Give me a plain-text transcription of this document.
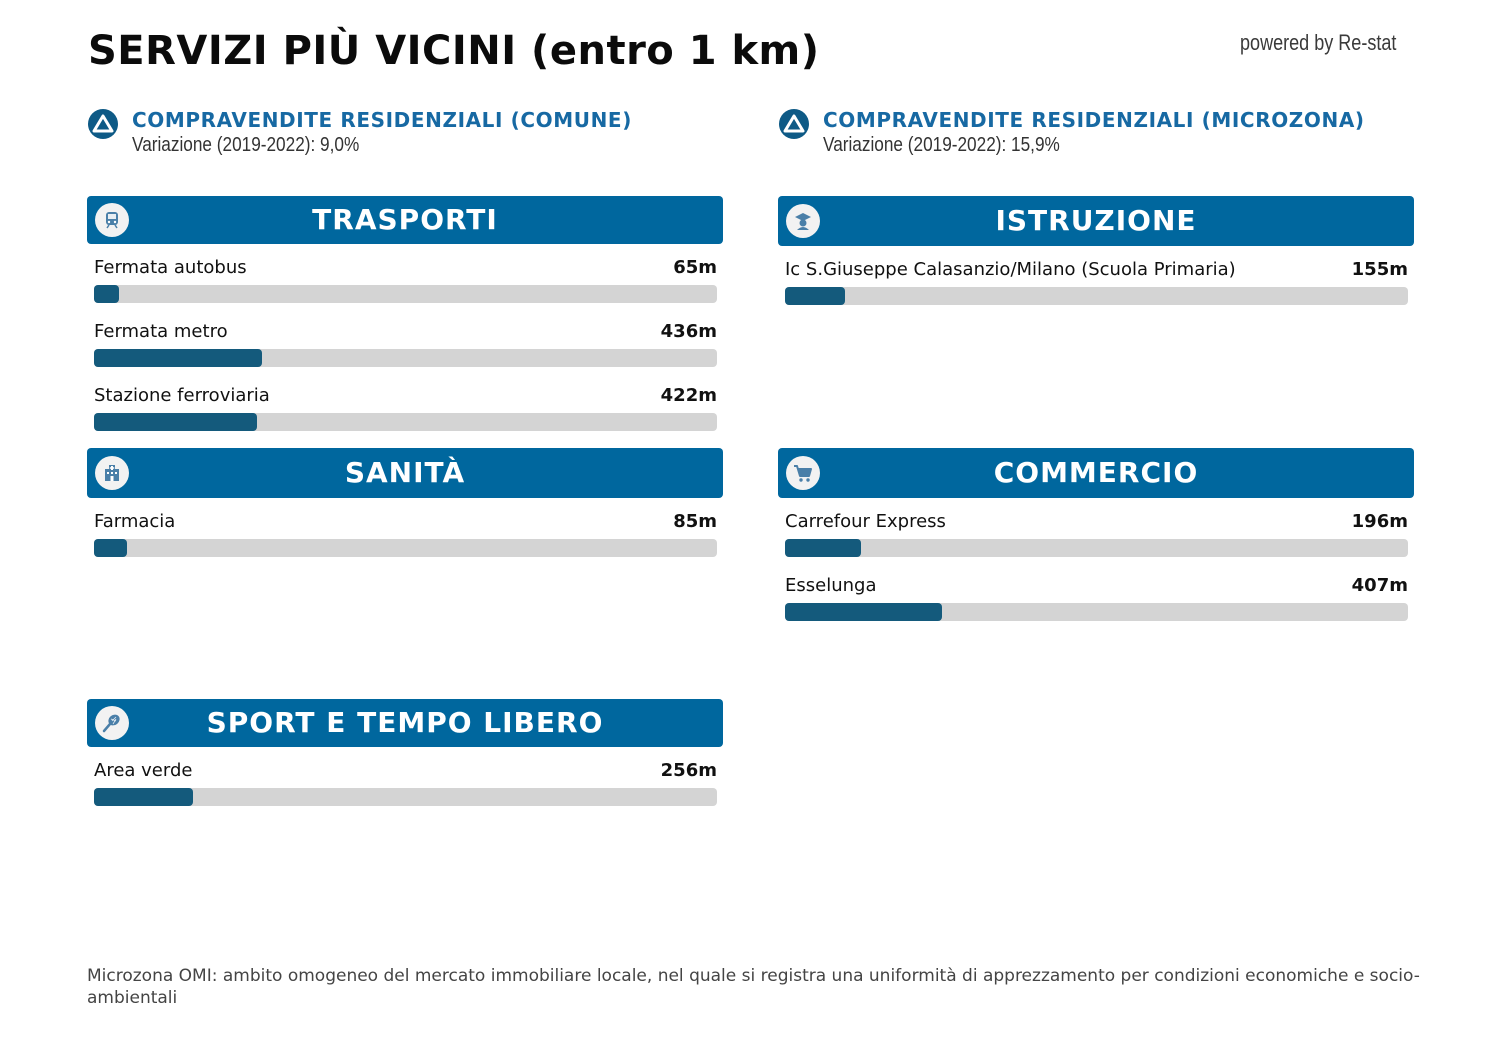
SERVIZI PIÙ VICINI (entro 1 km)	powered by Re-stat
COMPRAVENDITE RESIDENZIALI (COMUNE)
Variazione (2019-2022): 9,0%
COMPRAVENDITE RESIDENZIALI (MICROZONA)
Variazione (2019-2022): 15,9%
TRASPORTI
Fermata autobus	65m
Fermata metro	436m
Stazione ferroviaria	422m
ISTRUZIONE
Ic S.Giuseppe Calasanzio/Milano (Scuola Primaria)	155m
SANITÀ
Farmacia	85m
COMMERCIO
Carrefour Express	196m
Esselunga	407m
SPORT E TEMPO LIBERO
Area verde	256m
Microzona OMI: ambito omogeneo del mercato immobiliare locale, nel quale si registra una uniformità di apprezzamento per condizioni economiche e socio-ambientali
